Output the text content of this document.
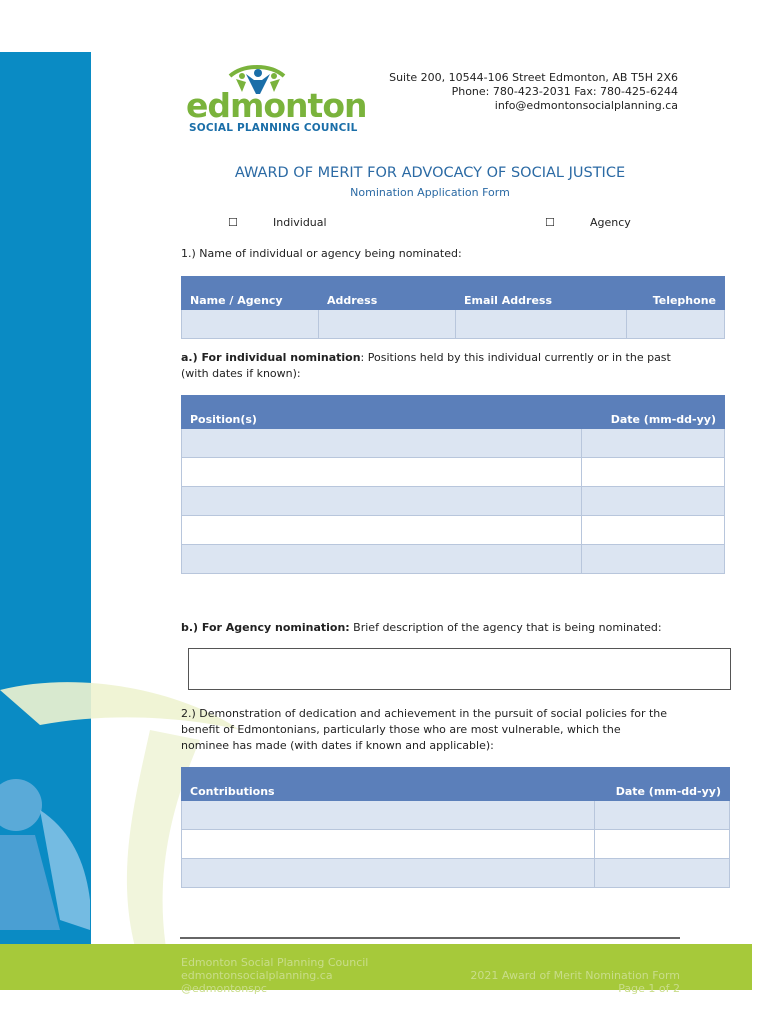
edmonton
SOCIAL PLANNING COUNCIL
Suite 200, 10544-106 Street Edmonton, AB T5H 2X6
Phone: 780-423-2031 Fax: 780-425-6244
info@edmontonsocialplanning.ca
AWARD OF MERIT FOR ADVOCACY OF SOCIAL JUSTICE
Nomination Application Form
☐	Individual	☐	Agency
1.) Name of individual or agency being nominated:
Name / Agency	Address	Email Address	Telephone

a.) For individual nomination: Positions held by this individual currently or in the past (with dates if known):
Position(s)	Date (mm-dd-yy)

b.) For Agency nomination: Brief description of the agency that is being nominated:
2.) Demonstration of dedication and achievement in the pursuit of social policies for the benefit of Edmontonians, particularly those who are most vulnerable, which the nominee has made (with dates if known and applicable):
Contributions	Date (mm-dd-yy)

Edmonton Social Planning Council
edmontonsocialplanning.ca
@edmontonspc
2021 Award of Merit Nomination Form
Page 1 of 2
